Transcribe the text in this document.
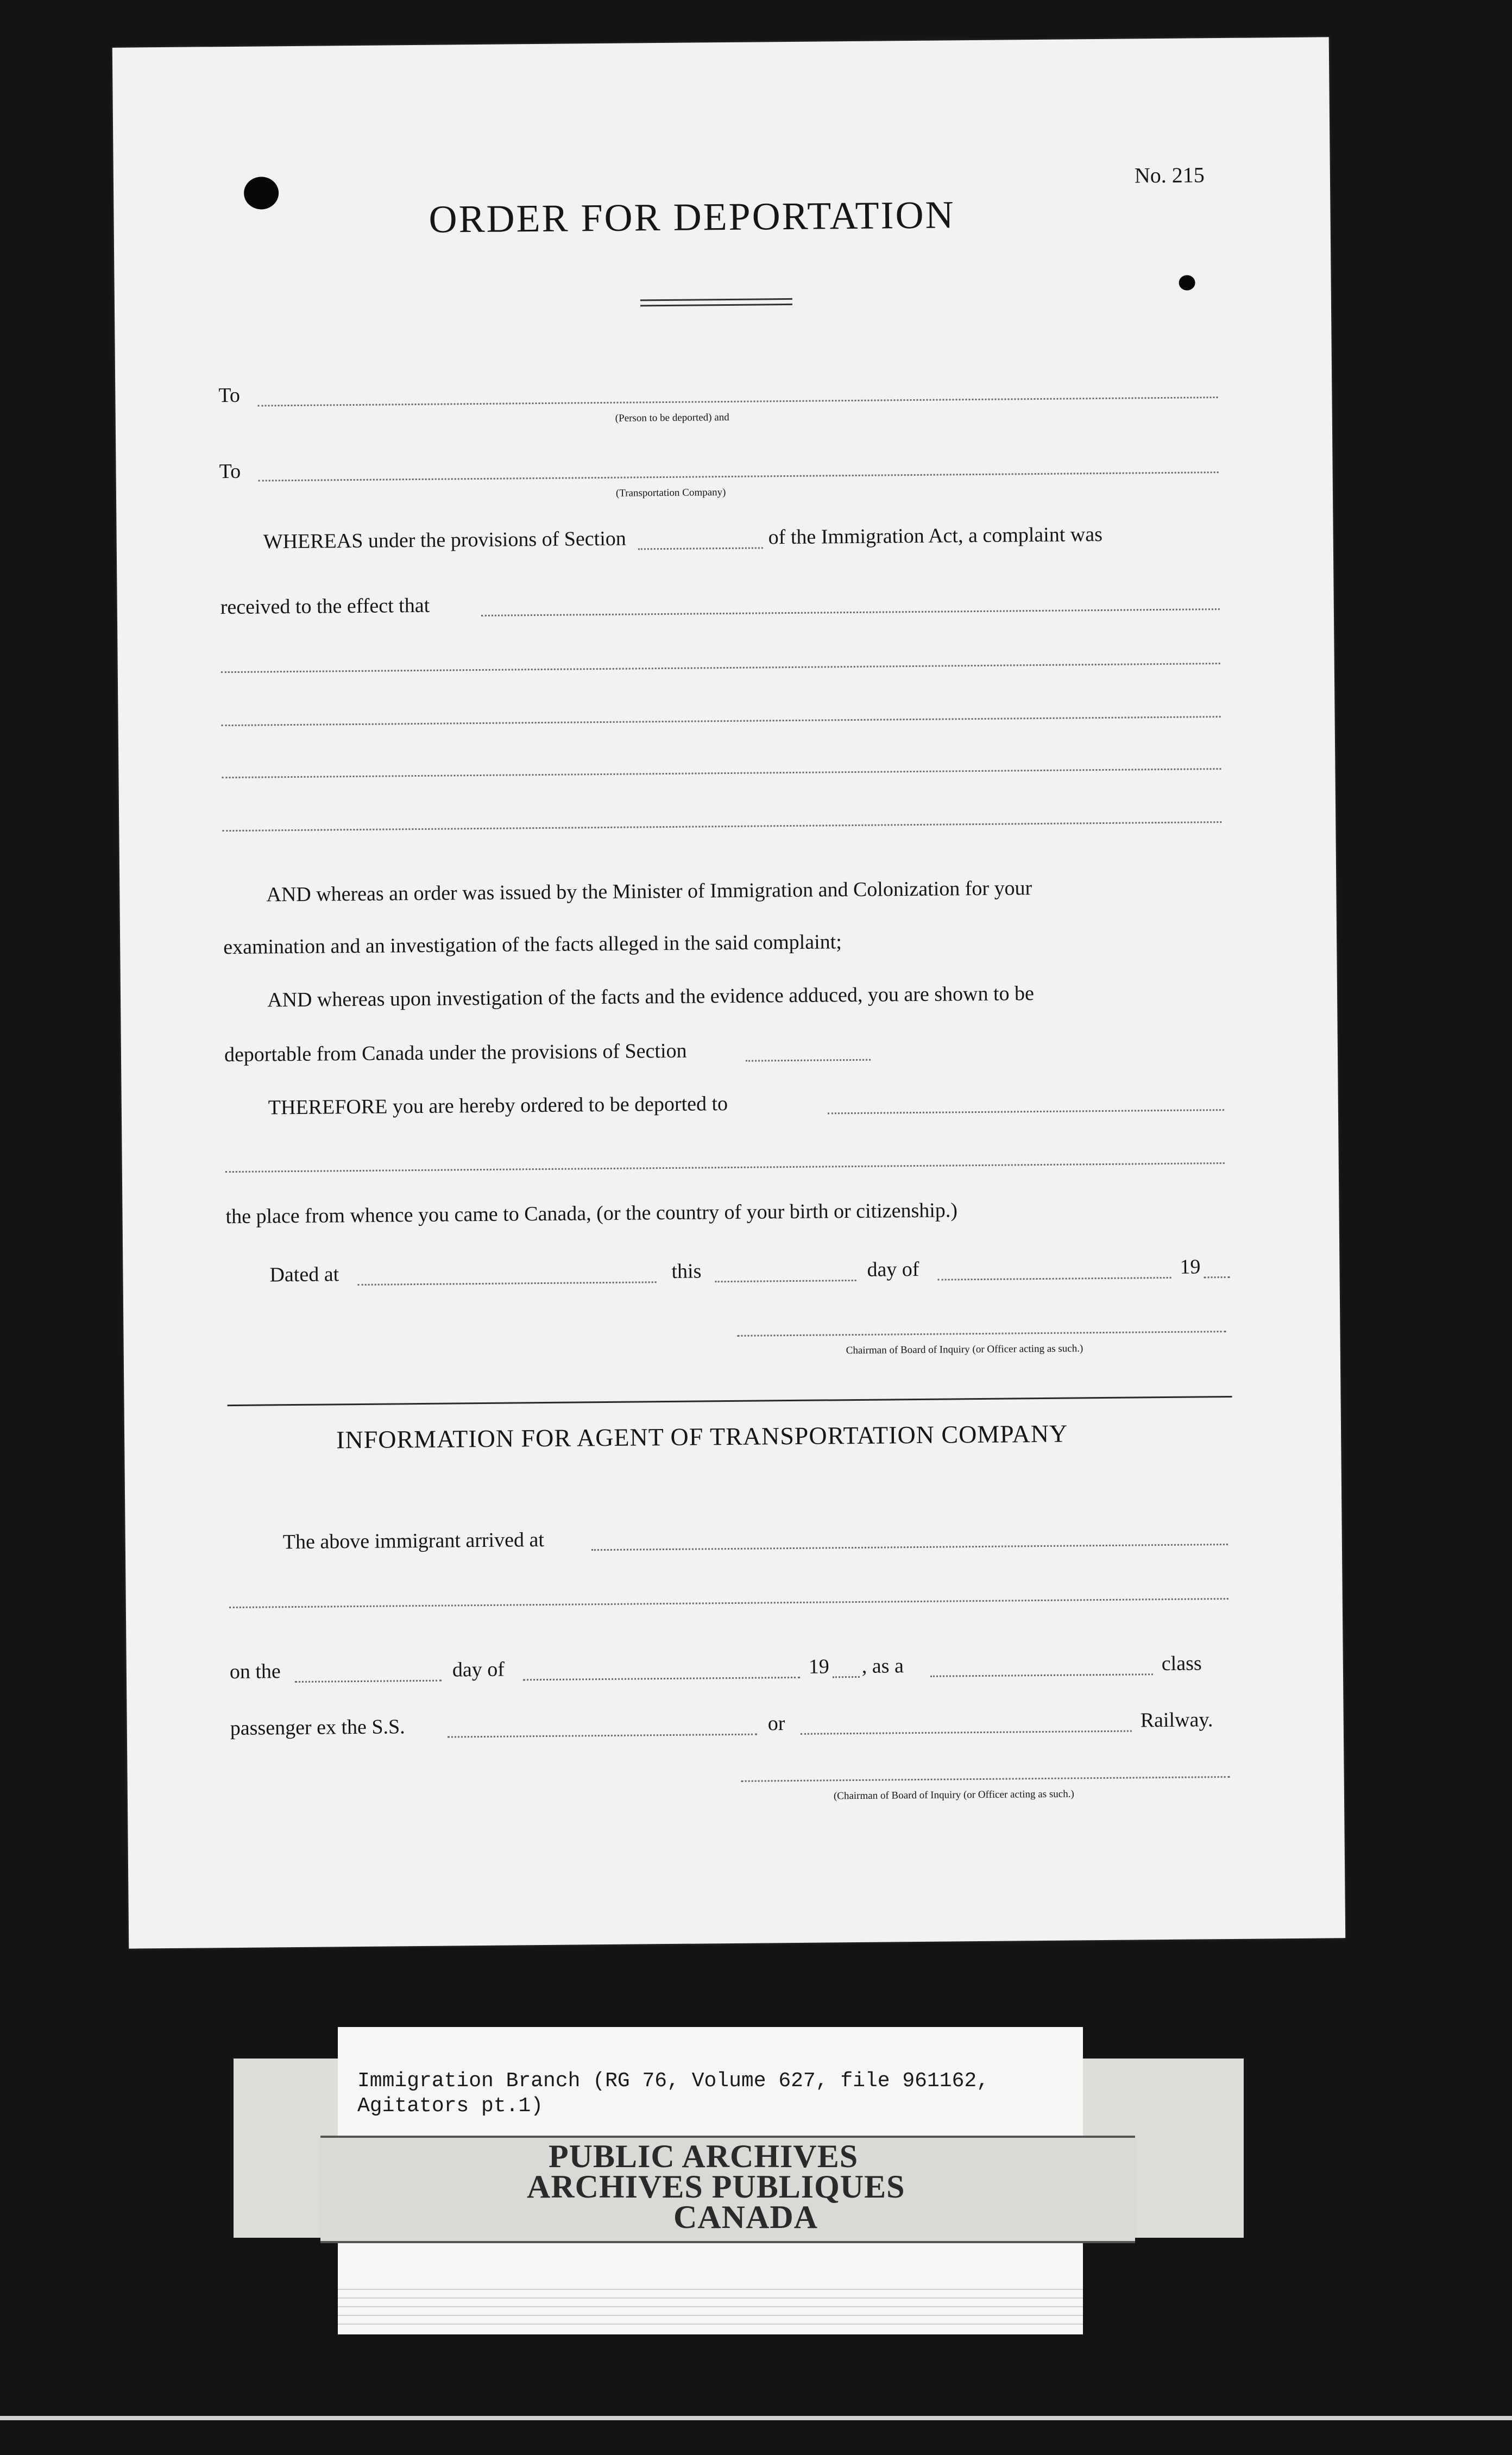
No. 215
ORDER FOR DEPORTATION
To
(Person to be deported) and
To
(Transportation Company)
WHEREAS under the provisions of Section	of the Immigration Act, a complaint was
received to the effect that
AND whereas an order was issued by the Minister of Immigration and Colonization for your
examination and an investigation of the facts alleged in the said complaint;
AND whereas upon investigation of the facts and the evidence adduced, you are shown to be
deportable from Canada under the provisions of Section
THEREFORE you are hereby ordered to be deported to
the place from whence you came to Canada, (or the country of your birth or citizenship.)
Dated at	this	day of	19
Chairman of Board of Inquiry (or Officer acting as such.)
INFORMATION FOR AGENT OF TRANSPORTATION COMPANY
The above immigrant arrived at
on the	day of	19 , as a	class
passenger ex the S.S.	or	Railway.
(Chairman of Board of Inquiry (or Officer acting as such.)
Immigration Branch (RG 76, Volume 627, file 961162,
Agitators pt.1)
PUBLIC ARCHIVES
ARCHIVES PUBLIQUES
CANADA
